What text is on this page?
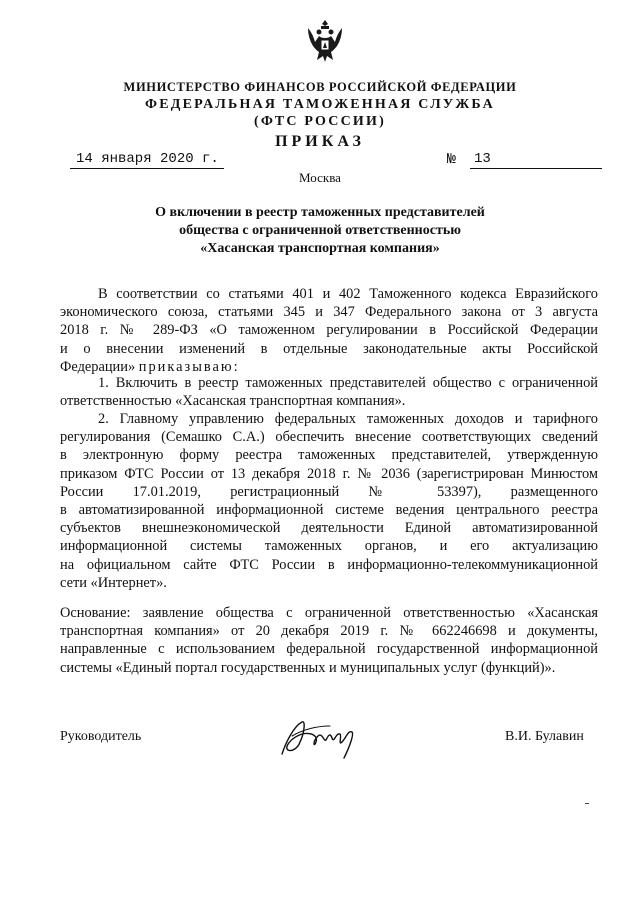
МИНИСТЕРСТВО ФИНАНСОВ РОССИЙСКОЙ ФЕДЕРАЦИИ
ФЕДЕРАЛЬНАЯ ТАМОЖЕННАЯ СЛУЖБА
(ФТС РОССИИ)
ПРИКАЗ
14 января 2020 г.	№ 13
Москва
О включении в реестр таможенных представителей
общества с ограниченной ответственностью
«Хасанская транспортная компания»
В соответствии со статьями 401 и 402 Таможенного кодекса Евразийского
экономического союза, статьями 345 и 347 Федерального закона от 3 августа
2018 г. № 289-ФЗ «О таможенном регулировании в Российской Федерации
и о внесении изменений в отдельные законодательные акты Российской
Федерации» приказываю:
1. Включить в реестр таможенных представителей общество с ограниченной
ответственностью «Хасанская транспортная компания».
2. Главному управлению федеральных таможенных доходов и тарифного
регулирования (Семашко С.А.) обеспечить внесение соответствующих сведений
в электронную форму реестра таможенных представителей, утвержденную
приказом ФТС России от 13 декабря 2018 г. № 2036 (зарегистрирован Минюстом
России 17.01.2019, регистрационный № 53397), размещенного
в автоматизированной информационной системе ведения центрального реестра
субъектов внешнеэкономической деятельности Единой автоматизированной
информационной системы таможенных органов, и его актуализацию
на официальном сайте ФТС России в информационно-телекоммуникационной
сети «Интернет».
Основание: заявление общества с ограниченной ответственностью «Хасанская
транспортная компания» от 20 декабря 2019 г. № 662246698 и документы,
направленные с использованием федеральной государственной информационной
системы «Единый портал государственных и муниципальных услуг (функций)».
Руководитель	В.И. Булавин
